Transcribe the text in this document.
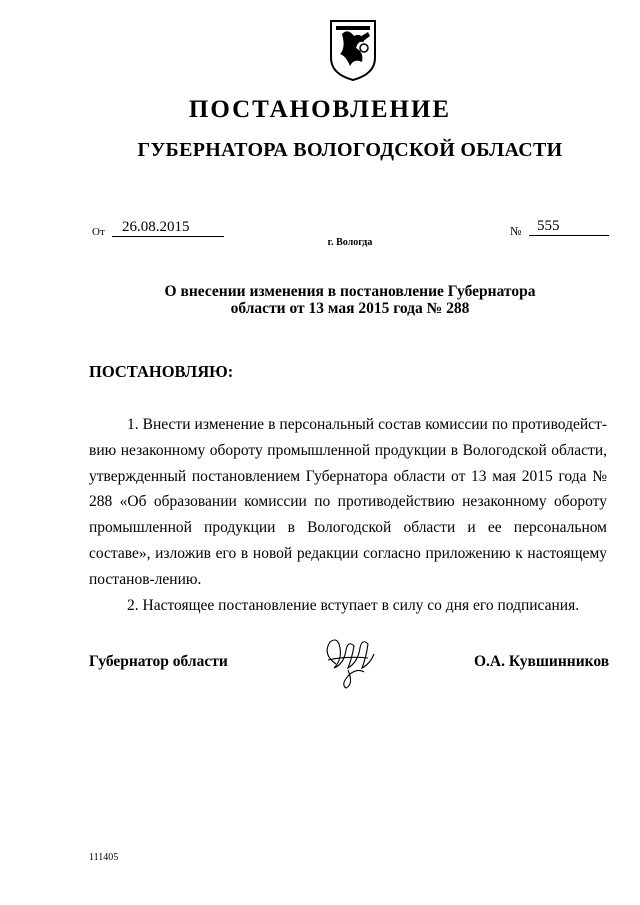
ПОСТАНОВЛЕНИЕ
ГУБЕРНАТОРА ВОЛОГОДСКОЙ ОБЛАСТИ
От	26.08.2015	№	555
г. Вологда
О внесении изменения в постановление Губернатора
области от 13 мая 2015 года № 288
ПОСТАНОВЛЯЮ:

1. Внести изменение в персональный состав комиссии по противодейст-вию незаконному обороту промышленной продукции в Вологодской области, утвержденный постановлением Губернатора области от 13 мая 2015 года № 288 «Об образовании комиссии по противодействию незаконному обороту промышленной продукции в Вологодской области и ее персональном составе», изложив его в новой редакции согласно приложению к настоящему постанов-лению.

2. Настоящее постановление вступает в силу со дня его подписания.

Губернатор области	О.А. Кувшинников
111405
